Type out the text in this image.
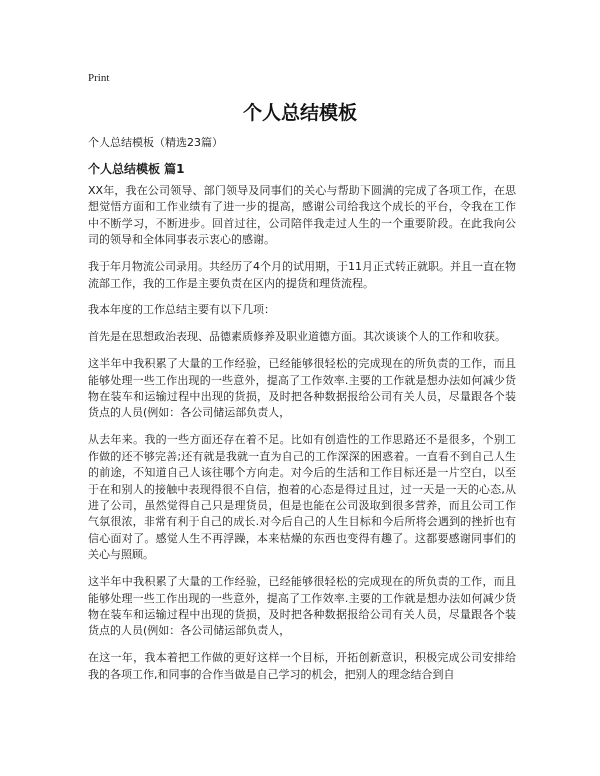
Print
个人总结模板

个人总结模板（精选23篇）

个人总结模板 篇1

XX年，我在公司领导、部门领导及同事们的关心与帮助下圆满的完成了各项工作，在思想觉悟方面和工作业绩有了进一步的提高，感谢公司给我这个成长的平台，令我在工作中不断学习，不断进步。回首过往，公司陪伴我走过人生的一个重要阶段。在此我向公司的领导和全体同事表示衷心的感谢。

我于年月物流公司录用。共经历了4个月的试用期，于11月正式转正就职。并且一直在物流部工作，我的工作是主要负责在区内的提货和理货流程。

我本年度的工作总结主要有以下几项：

首先是在思想政治表现、品德素质修养及职业道德方面。其次谈谈个人的工作和收获。

这半年中我积累了大量的工作经验，已经能够很轻松的完成现在的所负责的工作，而且能够处理一些工作出现的一些意外，提高了工作效率.主要的工作就是想办法如何减少货物在装车和运输过程中出现的货损，及时把各种数据报给公司有关人员，尽量跟各个装货点的人员(例如：各公司储运部负责人，

从去年来。我的一些方面还存在着不足。比如有创造性的工作思路还不是很多，个别工作做的还不够完善;还有就是我就一直为自己的工作深深的困惑着。一直看不到自己人生的前途，不知道自己人该往哪个方向走。对今后的生活和工作目标还是一片空白，以至于在和别人的接触中表现得很不自信，抱着的心态是得过且过，过一天是一天的心态,从进了公司，虽然觉得自己只是理货员，但是也能在公司汲取到很多营养，而且公司工作气氛很浓，非常有利于自己的成长.对今后自己的人生目标和今后所将会遇到的挫折也有信心面对了。感觉人生不再浮躁，本来枯燥的东西也变得有趣了。这都要感谢同事们的关心与照顾。

这半年中我积累了大量的工作经验，已经能够很轻松的完成现在的所负责的工作，而且能够处理一些工作出现的一些意外，提高了工作效率.主要的工作就是想办法如何减少货物在装车和运输过程中出现的货损，及时把各种数据报给公司有关人员，尽量跟各个装货点的人员(例如：各公司储运部负责人，

在这一年，我本着把工作做的更好这样一个目标，开拓创新意识，积极完成公司安排给我的各项工作,和同事的合作当做是自己学习的机会，把别人的理念结合到自
